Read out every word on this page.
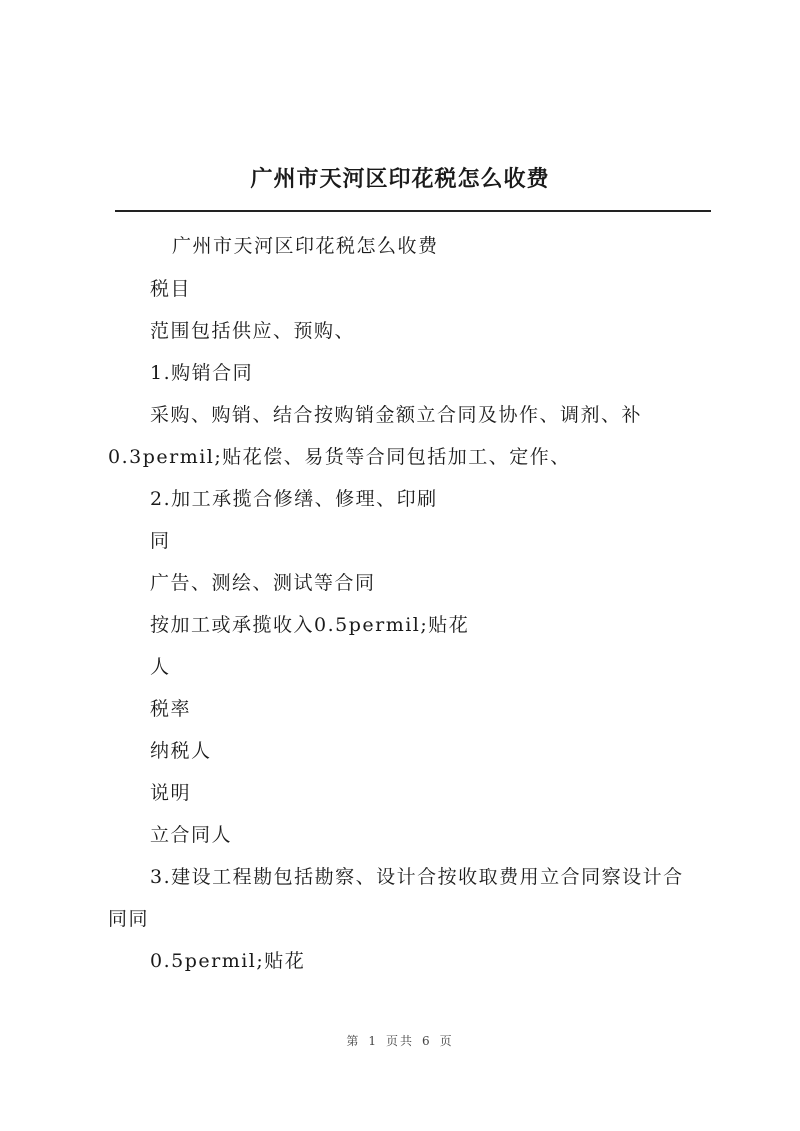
广州市天河区印花税怎么收费
广州市天河区印花税怎么收费
税目
范围包括供应、预购、
1.购销合同
采购、购销、结合按购销金额立合同及协作、调剂、补
0.3permil;贴花偿、易货等合同包括加工、定作、
2.加工承揽合修缮、修理、印刷
同
广告、测绘、测试等合同
按加工或承揽收入0.5permil;贴花
人
税率
纳税人
说明
立合同人
3.建设工程勘包括勘察、设计合按收取费用立合同察设计合
同同
0.5permil;贴花
第 1 页共 6 页
